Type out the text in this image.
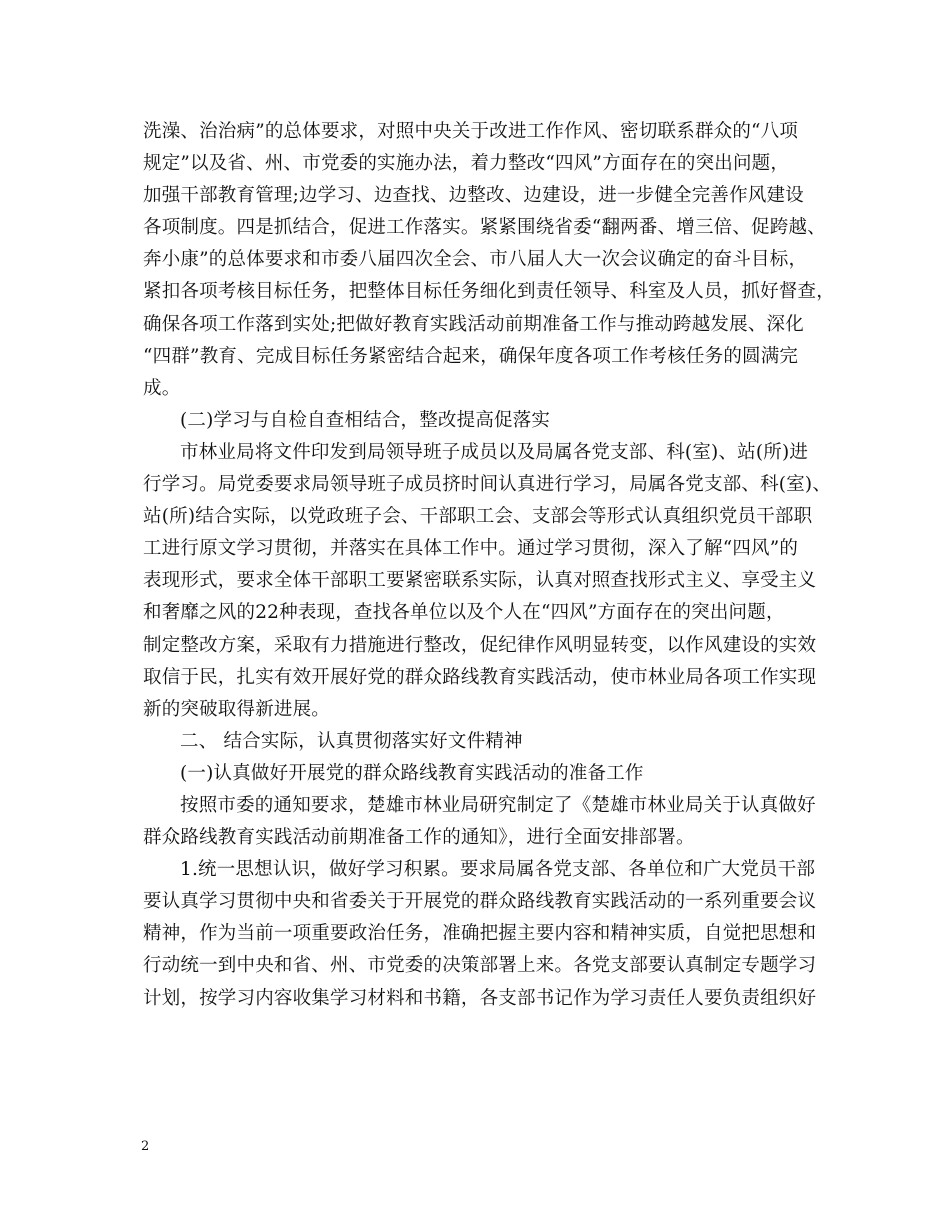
洗澡、治治病”的总体要求，对照中央关于改进工作作风、密切联系群众的“八项
规定”以及省、州、市党委的实施办法，着力整改“四风”方面存在的突出问题，
加强干部教育管理;边学习、边查找、边整改、边建设，进一步健全完善作风建设
各项制度。四是抓结合，促进工作落实。紧紧围绕省委“翻两番、增三倍、促跨越、
奔小康”的总体要求和市委八届四次全会、市八届人大一次会议确定的奋斗目标，
紧扣各项考核目标任务，把整体目标任务细化到责任领导、科室及人员，抓好督查，
确保各项工作落到实处;把做好教育实践活动前期准备工作与推动跨越发展、深化
“四群”教育、完成目标任务紧密结合起来，确保年度各项工作考核任务的圆满完
成。
(二)学习与自检自查相结合，整改提高促落实
市林业局将文件印发到局领导班子成员以及局属各党支部、科(室)、站(所)进
行学习。局党委要求局领导班子成员挤时间认真进行学习，局属各党支部、科(室)、
站(所)结合实际，以党政班子会、干部职工会、支部会等形式认真组织党员干部职
工进行原文学习贯彻，并落实在具体工作中。通过学习贯彻，深入了解“四风”的
表现形式，要求全体干部职工要紧密联系实际，认真对照查找形式主义、享受主义
和奢靡之风的22种表现，查找各单位以及个人在“四风”方面存在的突出问题，
制定整改方案，采取有力措施进行整改，促纪律作风明显转变，以作风建设的实效
取信于民，扎实有效开展好党的群众路线教育实践活动，使市林业局各项工作实现
新的突破取得新进展。
二、 结合实际，认真贯彻落实好文件精神
(一)认真做好开展党的群众路线教育实践活动的准备工作
按照市委的通知要求，楚雄市林业局研究制定了《楚雄市林业局关于认真做好
群众路线教育实践活动前期准备工作的通知》，进行全面安排部署。
1.统一思想认识，做好学习积累。要求局属各党支部、各单位和广大党员干部
要认真学习贯彻中央和省委关于开展党的群众路线教育实践活动的一系列重要会议
精神，作为当前一项重要政治任务，准确把握主要内容和精神实质，自觉把思想和
行动统一到中央和省、州、市党委的决策部署上来。各党支部要认真制定专题学习
计划，按学习内容收集学习材料和书籍，各支部书记作为学习责任人要负责组织好
2
